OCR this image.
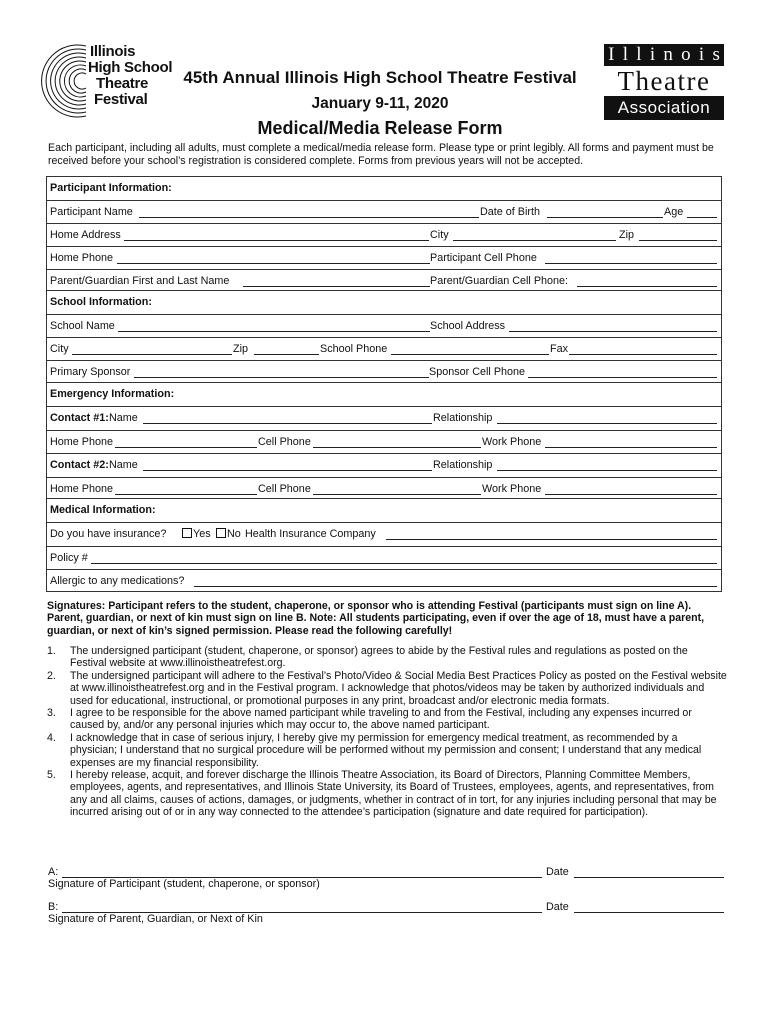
Illinois
High School
Theatre
Festival
45th Annual Illinois High School Theatre Festival
January 9-11, 2020
Medical/Media Release Form
I l l i n o i s
Theatre
Association
Each participant, including all adults, must complete a medical/media release form. Please type or print legibly. All forms and payment must be received before your school’s registration is considered complete. Forms from previous years will not be accepted.
Participant Information:
Participant Name	Date of Birth	Age
Home Address	City	Zip
Home Phone	Participant Cell Phone
Parent/Guardian First and Last Name	Parent/Guardian Cell Phone:
School Information:
School Name	School Address
City	Zip	School Phone	Fax
Primary Sponsor	Sponsor Cell Phone
Emergency Information:
Contact #1: Name	Relationship
Home Phone	Cell Phone	Work Phone
Contact #2: Name	Relationship
Home Phone	Cell Phone	Work Phone
Medical Information:
Do you have insurance?	Yes	No Health Insurance Company
Policy #
Allergic to any medications?
Signatures: Participant refers to the student, chaperone, or sponsor who is attending Festival (participants must sign on line A). Parent, guardian, or next of kin must sign on line B. Note: All students participating, even if over the age of 18, must have a parent, guardian, or next of kin’s signed permission. Please read the following carefully!
1. The undersigned participant (student, chaperone, or sponsor) agrees to abide by the Festival rules and regulations as posted on the Festival website at www.illinoistheatrefest.org.
2. The undersigned participant will adhere to the Festival’s Photo/Video & Social Media Best Practices Policy as posted on the Festival website at www.illinoistheatrefest.org and in the Festival program. I acknowledge that photos/videos may be taken by authorized individuals and used for educational, instructional, or promotional purposes in any print, broadcast and/or electronic media formats.
3. I agree to be responsible for the above named participant while traveling to and from the Festival, including any expenses incurred or caused by, and/or any personal injuries which may occur to, the above named participant.
4. I acknowledge that in case of serious injury, I hereby give my permission for emergency medical treatment, as recommended by a physician; I understand that no surgical procedure will be performed without my permission and consent; I understand that any medical expenses are my financial responsibility.
5. I hereby release, acquit, and forever discharge the Illinois Theatre Association, its Board of Directors, Planning Committee Members, employees, agents, and representatives, and Illinois State University, its Board of Trustees, employees, agents, and representatives, from any and all claims, causes of actions, damages, or judgments, whether in contract of in tort, for any injuries including personal that may be incurred arising out of or in any way connected to the attendee’s participation (signature and date required for participation).
A:	Date
Signature of Participant (student, chaperone, or sponsor)
B:	Date
Signature of Parent, Guardian, or Next of Kin
